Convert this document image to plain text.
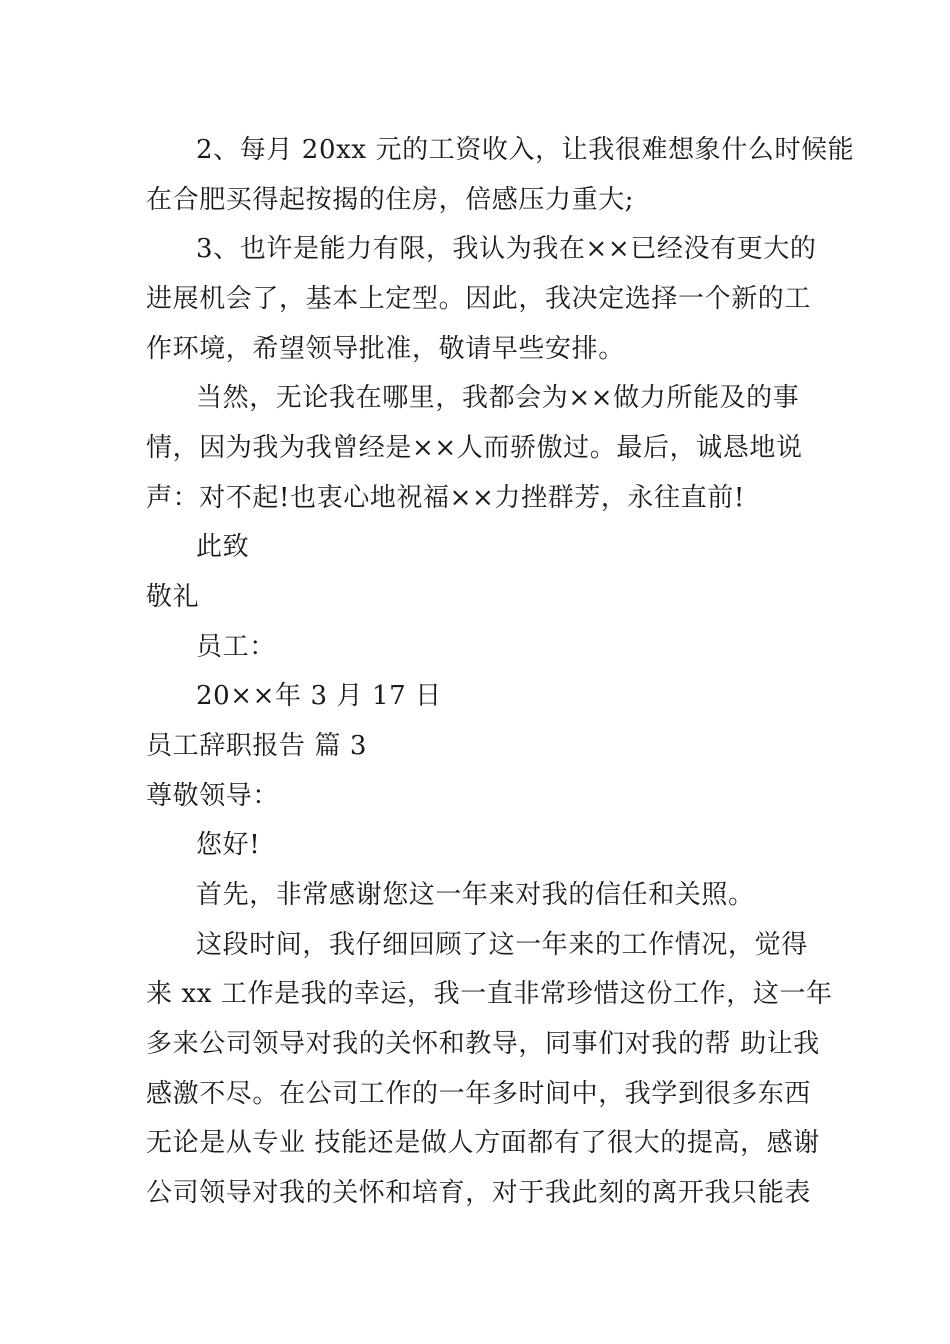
2、每月 20xx 元的工资收入，让我很难想象什么时候能
在合肥买得起按揭的住房，倍感压力重大;
3、也许是能力有限，我认为我在××已经没有更大的
进展机会了，基本上定型。因此，我决定选择一个新的工
作环境，希望领导批准，敬请早些安排。
当然，无论我在哪里，我都会为××做力所能及的事
情，因为我为我曾经是××人而骄傲过。最后，诚恳地说
声：对不起!也衷心地祝福××力挫群芳，永往直前!
此致
敬礼
员工：
20××年 3 月 17 日
员工辞职报告 篇 3
尊敬领导：
您好!
首先，非常感谢您这一年来对我的信任和关照。
这段时间，我仔细回顾了这一年来的工作情况，觉得
来 xx 工作是我的幸运，我一直非常珍惜这份工作，这一年
多来公司领导对我的关怀和教导，同事们对我的帮 助让我
感激不尽。在公司工作的一年多时间中，我学到很多东西
无论是从专业 技能还是做人方面都有了很大的提高，感谢
公司领导对我的关怀和培育，对于我此刻的离开我只能表
